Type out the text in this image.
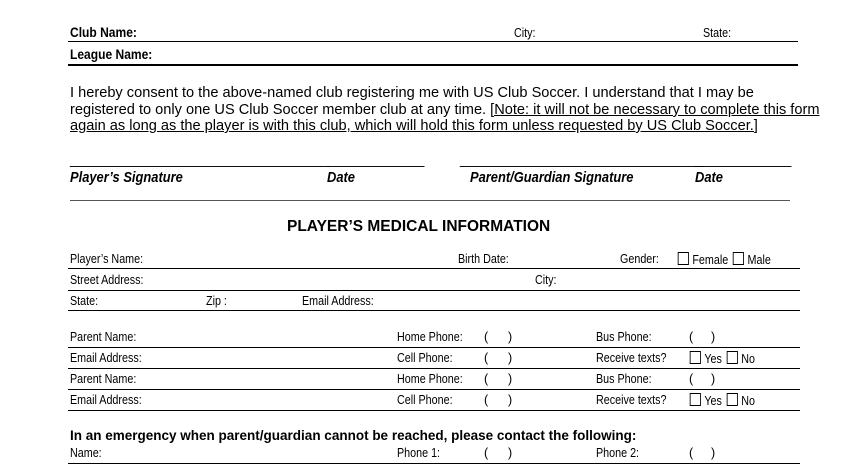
Club Name:	City:	State:
League Name:
I hereby consent to the above-named club registering me with US Club Soccer. I understand that I may be
registered to only one US Club Soccer member club at any time. [Note: it will not be necessary to complete this form
again as long as the player is with this club, which will hold this form unless requested by US Club Soccer.]
________________________________
____________ ______________________________
____________
Player’s Signature	Date	Parent/Guardian Signature	Date
PLAYER’S MEDICAL INFORMATION
Player’s Name:	Birth Date:	Gender:	Female Male
Street Address:	City:
State:	Zip :	Email Address:
Parent Name:	Home Phone: ( )	Bus Phone:	( )
Email Address:	Cell Phone:	( )	Receive texts?	Yes No
Parent Name:	Home Phone: ( )	Bus Phone:	( )
Email Address:	Cell Phone:	( )	Receive texts?	Yes No
In an emergency when parent/guardian cannot be reached, please contact the following:
Name:	Phone 1:	( )	Phone 2:	( )
